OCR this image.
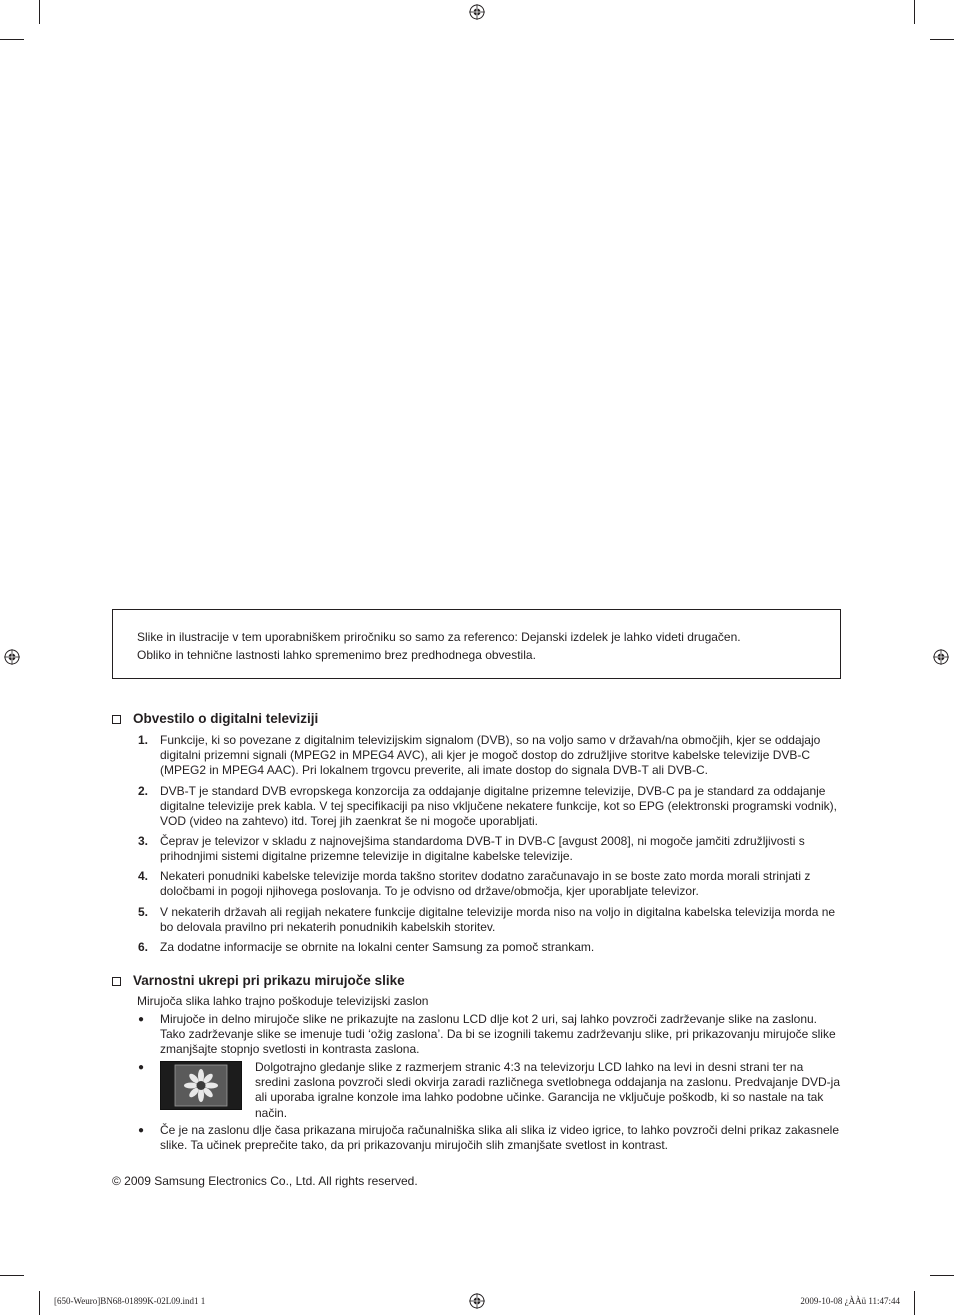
Slike in ilustracije v tem uporabniškem priročniku so samo za referenco: Dejanski izdelek je lahko videti drugačen.

Obliko in tehnične lastnosti lahko spremenimo brez predhodnega obvestila.

Obvestilo o digitalni televiziji
1. Funkcije, ki so povezane z digitalnim televizijskim signalom (DVB), so na voljo samo v državah/na območjih, kjer se oddajajo digitalni prizemni signali (MPEG2 in MPEG4 AVC), ali kjer je mogoč dostop do združljive storitve kabelske televizije DVB-C (MPEG2 in MPEG4 AAC). Pri lokalnem trgovcu preverite, ali imate dostop do signala DVB-T ali DVB-C.
2. DVB-T je standard DVB evropskega konzorcija za oddajanje digitalne prizemne televizije, DVB-C pa je standard za oddajanje digitalne televizije prek kabla. V tej specifikaciji pa niso vključene nekatere funkcije, kot so EPG (elektronski programski vodnik), VOD (video na zahtevo) itd. Torej jih zaenkrat še ni mogoče uporabljati.
3. Čeprav je televizor v skladu z najnovejšima standardoma DVB-T in DVB-C [avgust 2008], ni mogoče jamčiti združljivosti s prihodnjimi sistemi digitalne prizemne televizije in digitalne kabelske televizije.
4. Nekateri ponudniki kabelske televizije morda takšno storitev dodatno zaračunavajo in se boste zato morda morali strinjati z določbami in pogoji njihovega poslovanja. To je odvisno od države/območja, kjer uporabljate televizor.
5. V nekaterih državah ali regijah nekatere funkcije digitalne televizije morda niso na voljo in digitalna kabelska televizija morda ne bo delovala pravilno pri nekaterih ponudnikih kabelskih storitev.
6. Za dodatne informacije se obrnite na lokalni center Samsung za pomoč strankam.
Varnostni ukrepi pri prikazu mirujoče slike
Mirujoča slika lahko trajno poškoduje televizijski zaslon
● Mirujoče in delno mirujoče slike ne prikazujte na zaslonu LCD dlje kot 2 uri, saj lahko povzroči zadrževanje slike na zaslonu. Tako zadrževanje slike se imenuje tudi ‘ožig zaslona’. Da bi se izognili takemu zadrževanju slike, pri prikazovanju mirujoče slike zmanjšajte stopnjo svetlosti in kontrasta zaslona.
●	Dolgotrajno gledanje slike z razmerjem stranic 4:3 na televizorju LCD lahko na levi in desni strani ter na sredini zaslona povzroči sledi okvirja zaradi različnega svetlobnega oddajanja na zaslonu. Predvajanje DVD-ja ali uporaba igralne konzole ima lahko podobne učinke. Garancija ne vključuje poškodb, ki so nastale na tak način.
● Če je na zaslonu dlje časa prikazana mirujoča računalniška slika ali slika iz video igrice, to lahko povzroči delni prikaz zakasnele slike. Ta učinek preprečite tako, da pri prikazovanju mirujočih slih zmanjšate svetlost in kontrast.
© 2009 Samsung Electronics Co., Ltd. All rights reserved.
[650-Weuro]BN68-01899K-02L09.ind1 1	2009-10-08 ¿ÀÀü 11:47:44
